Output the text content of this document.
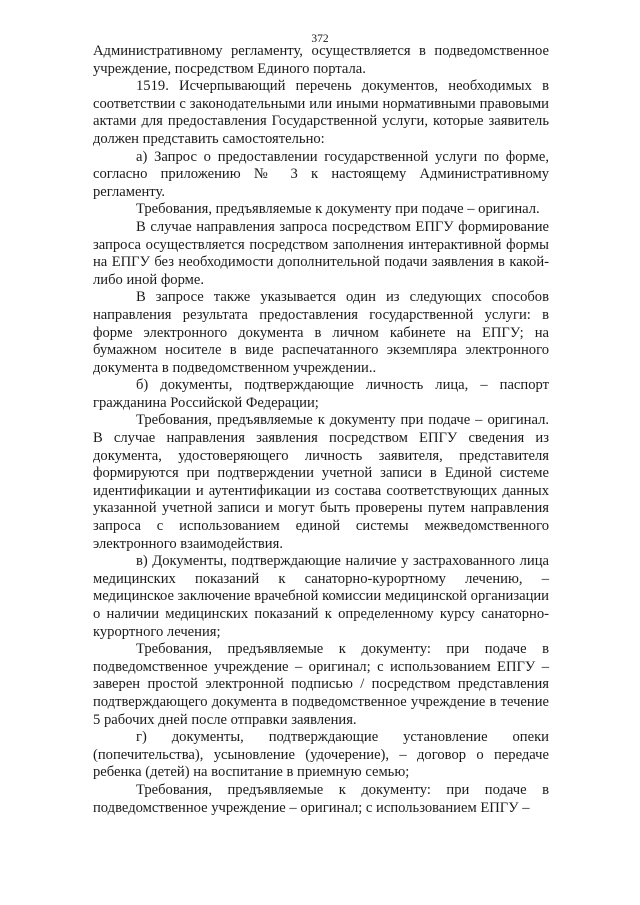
372

Административному регламенту, осуществляется в подведомственное учреждение, посредством Единого портала.

1519. Исчерпывающий перечень документов, необходимых в соответствии с законодательными или иными нормативными правовыми актами для предоставления Государственной услуги, которые заявитель должен представить самостоятельно:

а) Запрос о предоставлении государственной услуги по форме, согласно приложению № 3 к настоящему Административному регламенту.

Требования, предъявляемые к документу при подаче – оригинал.

В случае направления запроса посредством ЕПГУ формирование запроса осуществляется посредством заполнения интерактивной формы на ЕПГУ без необходимости дополнительной подачи заявления в какой-либо иной форме.

В запросе также указывается один из следующих способов направления результата предоставления государственной услуги: в форме электронного документа в личном кабинете на ЕПГУ; на бумажном носителе в виде распечатанного экземпляра электронного документа в подведомственном учреждении..

б) документы, подтверждающие личность лица, – паспорт гражданина Российской Федерации;

Требования, предъявляемые к документу при подаче – оригинал. В случае направления заявления посредством ЕПГУ сведения из документа, удостоверяющего личность заявителя, представителя формируются при подтверждении учетной записи в Единой системе идентификации и аутентификации из состава соответствующих данных указанной учетной записи и могут быть проверены путем направления запроса с использованием единой системы межведомственного электронного взаимодействия.

в) Документы, подтверждающие наличие у застрахованного лица медицинских показаний к санаторно-курортному лечению, – медицинское заключение врачебной комиссии медицинской организации о наличии медицинских показаний к определенному курсу санаторно-курортного лечения;

Требования, предъявляемые к документу: при подаче в подведомственное учреждение – оригинал; с использованием ЕПГУ – заверен простой электронной подписью / посредством представления подтверждающего документа в подведомственное учреждение в течение 5 рабочих дней после отправки заявления.

г) документы, подтверждающие установление опеки (попечительства), усыновление (удочерение), – договор о передаче ребенка (детей) на воспитание в приемную семью;

Требования, предъявляемые к документу: при подаче в подведомственное учреждение – оригинал; с использованием ЕПГУ –
